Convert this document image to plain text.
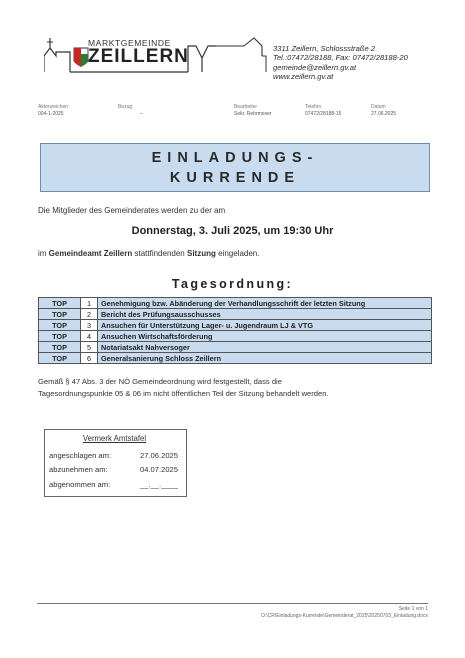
MARKTGEMEINDE
ZEILLERN	3311 Zeillern, Schlossstraße 2
Tel.:07472/28188, Fax: 07472/28188-20
gemeinde@zeillern.gv.at
www.zeillern.gv.at
Aktenzeichen
004-1-2025
Bezug
–
Bearbeiter
Sekr. Rehrmoser
Telefon
07472/28188-15
Datum
27.06.2025
EINLADUNGS-
KURRENDE
Die Mitglieder des Gemeinderates werden zu der am
Donnerstag, 3. Juli 2025, um 19:30 Uhr
im Gemeindeamt Zeillern stattfindenden Sitzung eingeladen.
Tagesordnung:
TOP	1	Genehmigung bzw. Abänderung der Verhandlungsschrift der letzten Sitzung
TOP	2	Bericht des Prüfungsausschusses
TOP	3	Ansuchen für Unterstützung Lager- u. Jugendraum LJ & VTG
TOP	4	Ansuchen Wirtschaftsförderung
TOP	5	Notariatsakt Nahversoger
TOP	6	Generalsanierung Schloss Zeillern
Gemäß § 47 Abs. 3 der NÖ Gemeindeordnung wird festgestellt, dass die
Tagesordnungspunkte 05 & 06 im nicht öffentlichen Teil der Sitzung behandelt werden.
Vermerk Amtstafel
angeschlagen am:	27.06.2025
abzunehmen am:	04.07.2025
abgenommen am:	__.__.____
Seite 1 von 1
O:\CR\Einladungs-Kurrende\Gemeinderat_2025\20250703_Einladung.docx
